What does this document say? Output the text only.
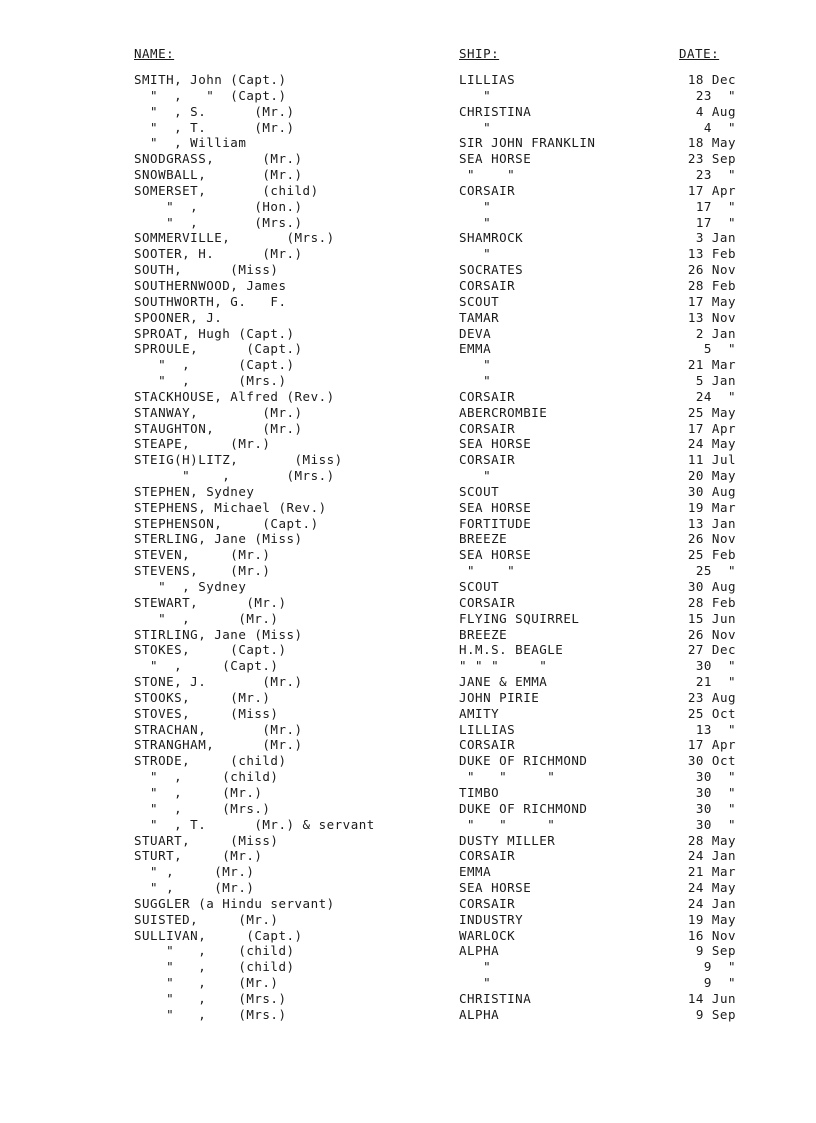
NAME:	SHIP:	DATE:
SMITH, John (Capt.)	LILLIAS	18 Dec
"  ,   "  (Capt.)	"	23  "
"  , S.      (Mr.)	CHRISTINA	4 Aug
"  , T.      (Mr.)	"	4  "
"  , William	SIR JOHN FRANKLIN	18 May
SNODGRASS,      (Mr.)	SEA HORSE	23 Sep
SNOWBALL,       (Mr.)	"    "	23  "
SOMERSET,       (child)	CORSAIR	17 Apr
"  ,       (Hon.)	"	17  "
"  ,       (Mrs.)	"	17  "
SOMMERVILLE,       (Mrs.)	SHAMROCK	3 Jan
SOOTER, H.      (Mr.)	"	13 Feb
SOUTH,      (Miss)	SOCRATES	26 Nov
SOUTHERNWOOD, James	CORSAIR	28 Feb
SOUTHWORTH, G.   F.	SCOUT	17 May
SPOONER, J.	TAMAR	13 Nov
SPROAT, Hugh (Capt.)	DEVA	2 Jan
SPROULE,      (Capt.)	EMMA	5  "
"  ,      (Capt.)	"	21 Mar
"  ,      (Mrs.)	"	5 Jan
STACKHOUSE, Alfred (Rev.)	CORSAIR	24  "
STANWAY,        (Mr.)	ABERCROMBIE	25 May
STAUGHTON,      (Mr.)	CORSAIR	17 Apr
STEAPE,     (Mr.)	SEA HORSE	24 May
STEIG(H)LITZ,       (Miss)	CORSAIR	11 Jul
"    ,       (Mrs.)	"	20 May
STEPHEN, Sydney	SCOUT	30 Aug
STEPHENS, Michael (Rev.)	SEA HORSE	19 Mar
STEPHENSON,     (Capt.)	FORTITUDE	13 Jan
STERLING, Jane (Miss)	BREEZE	26 Nov
STEVEN,     (Mr.)	SEA HORSE	25 Feb
STEVENS,    (Mr.)	"    "	25  "
"  , Sydney	SCOUT	30 Aug
STEWART,      (Mr.)	CORSAIR	28 Feb
"  ,      (Mr.)	FLYING SQUIRREL	15 Jun
STIRLING, Jane (Miss)	BREEZE	26 Nov
STOKES,     (Capt.)	H.M.S. BEAGLE	27 Dec
"  ,     (Capt.)	" " "     "	30  "
STONE, J.       (Mr.)	JANE & EMMA	21  "
STOOKS,     (Mr.)	JOHN PIRIE	23 Aug
STOVES,     (Miss)	AMITY	25 Oct
STRACHAN,       (Mr.)	LILLIAS	13  "
STRANGHAM,      (Mr.)	CORSAIR	17 Apr
STRODE,     (child)	DUKE OF RICHMOND	30 Oct
"  ,     (child)	"   "     "	30  "
"  ,     (Mr.)	TIMBO	30  "
"  ,     (Mrs.)	DUKE OF RICHMOND	30  "
"  , T.      (Mr.) & servant	"   "     "	30  "
STUART,     (Miss)	DUSTY MILLER	28 May
STURT,     (Mr.)	CORSAIR	24 Jan
" ,     (Mr.)	EMMA	21 Mar
" ,     (Mr.)	SEA HORSE	24 May
SUGGLER (a Hindu servant)	CORSAIR	24 Jan
SUISTED,     (Mr.)	INDUSTRY	19 May
SULLIVAN,     (Capt.)	WARLOCK	16 Nov
"   ,    (child)	ALPHA	9 Sep
"   ,    (child)	"	9  "
"   ,    (Mr.)	"	9  "
"   ,    (Mrs.)	CHRISTINA	14 Jun
"   ,    (Mrs.)	ALPHA	9 Sep
